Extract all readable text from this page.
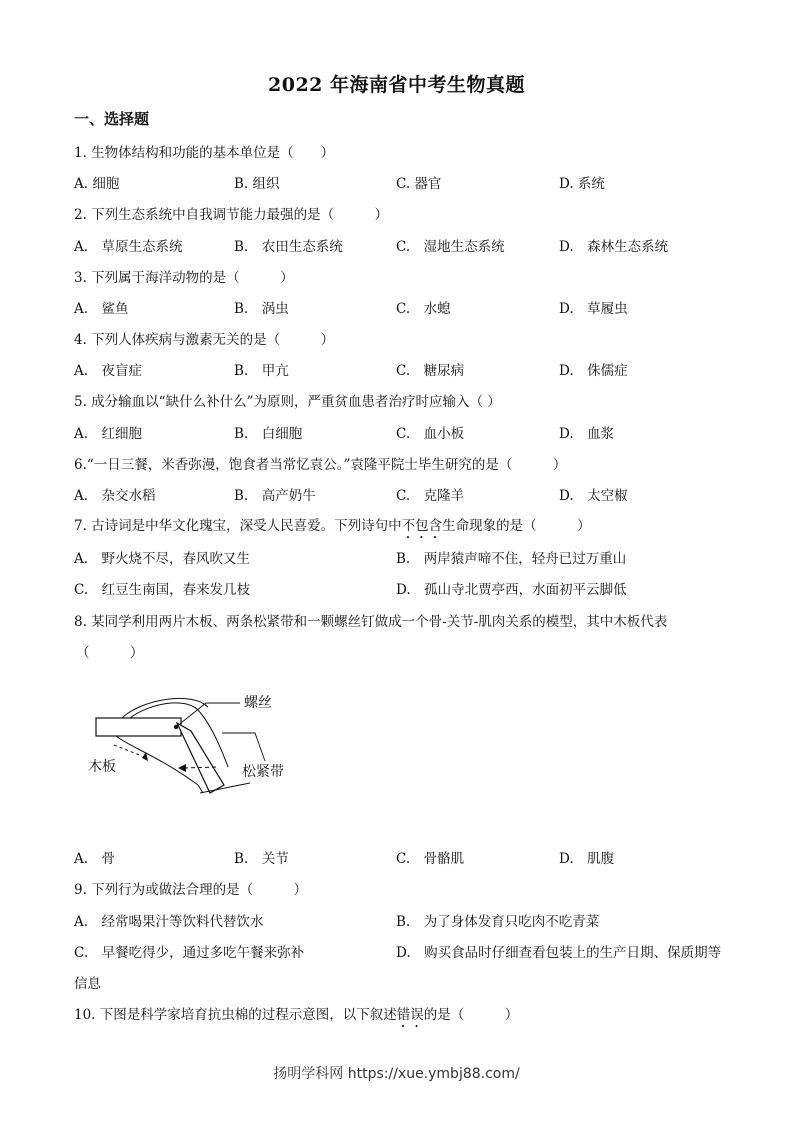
2022 年海南省中考生物真题
一、选择题
1. 生物体结构和功能的基本单位是（　　）
A. 细胞	B. 组织	C. 器官	D. 系统
2. 下列生态系统中自我调节能力最强的是（　　　）
A.　草原生态系统	B.　农田生态系统	C.　湿地生态系统	D.　森林生态系统
3. 下列属于海洋动物的是（　　　）
A.　鲨鱼	B.　涡虫	C.　水螅	D.　草履虫
4. 下列人体疾病与激素无关的是（　　　）
A.　夜盲症	B.　甲亢	C.　糖尿病	D.　侏儒症
5. 成分输血以“缺什么补什么”为原则，严重贫血患者治疗时应输入（ ）
A.　红细胞	B.　白细胞	C.　血小板	D.　血浆
6.“一日三餐，米香弥漫，饱食者当常忆袁公。”袁隆平院士毕生研究的是（　　　）
A.　杂交水稻	B.　高产奶牛	C.　克隆羊	D.　太空椒
7. 古诗词是中华文化瑰宝，深受人民喜爱。下列诗句中不包含生命现象的是（　　　）
A.　野火烧不尽，春风吹又生	B.　两岸猿声啼不住，轻舟已过万重山
C.　红豆生南国，春来发几枝	D.　孤山寺北贾亭西，水面初平云脚低
8. 某同学利用两片木板、两条松紧带和一颗螺丝钉做成一个骨-关节-肌肉关系的模型，其中木板代表
（　　　）
螺丝
木板	松紧带
A.　骨	B.　关节	C.　骨骼肌	D.　肌腹
9. 下列行为或做法合理的是（　　　）
A.　经常喝果汁等饮料代替饮水	B.　为了身体发育只吃肉不吃青菜
C.　早餐吃得少，通过多吃午餐来弥补	D.　购买食品时仔细查看包装上的生产日期、保质期等
信息
10. 下图是科学家培育抗虫棉的过程示意图，以下叙述错误的是（　　　）
扬明学科网 https://xue.ymbj88.com/
